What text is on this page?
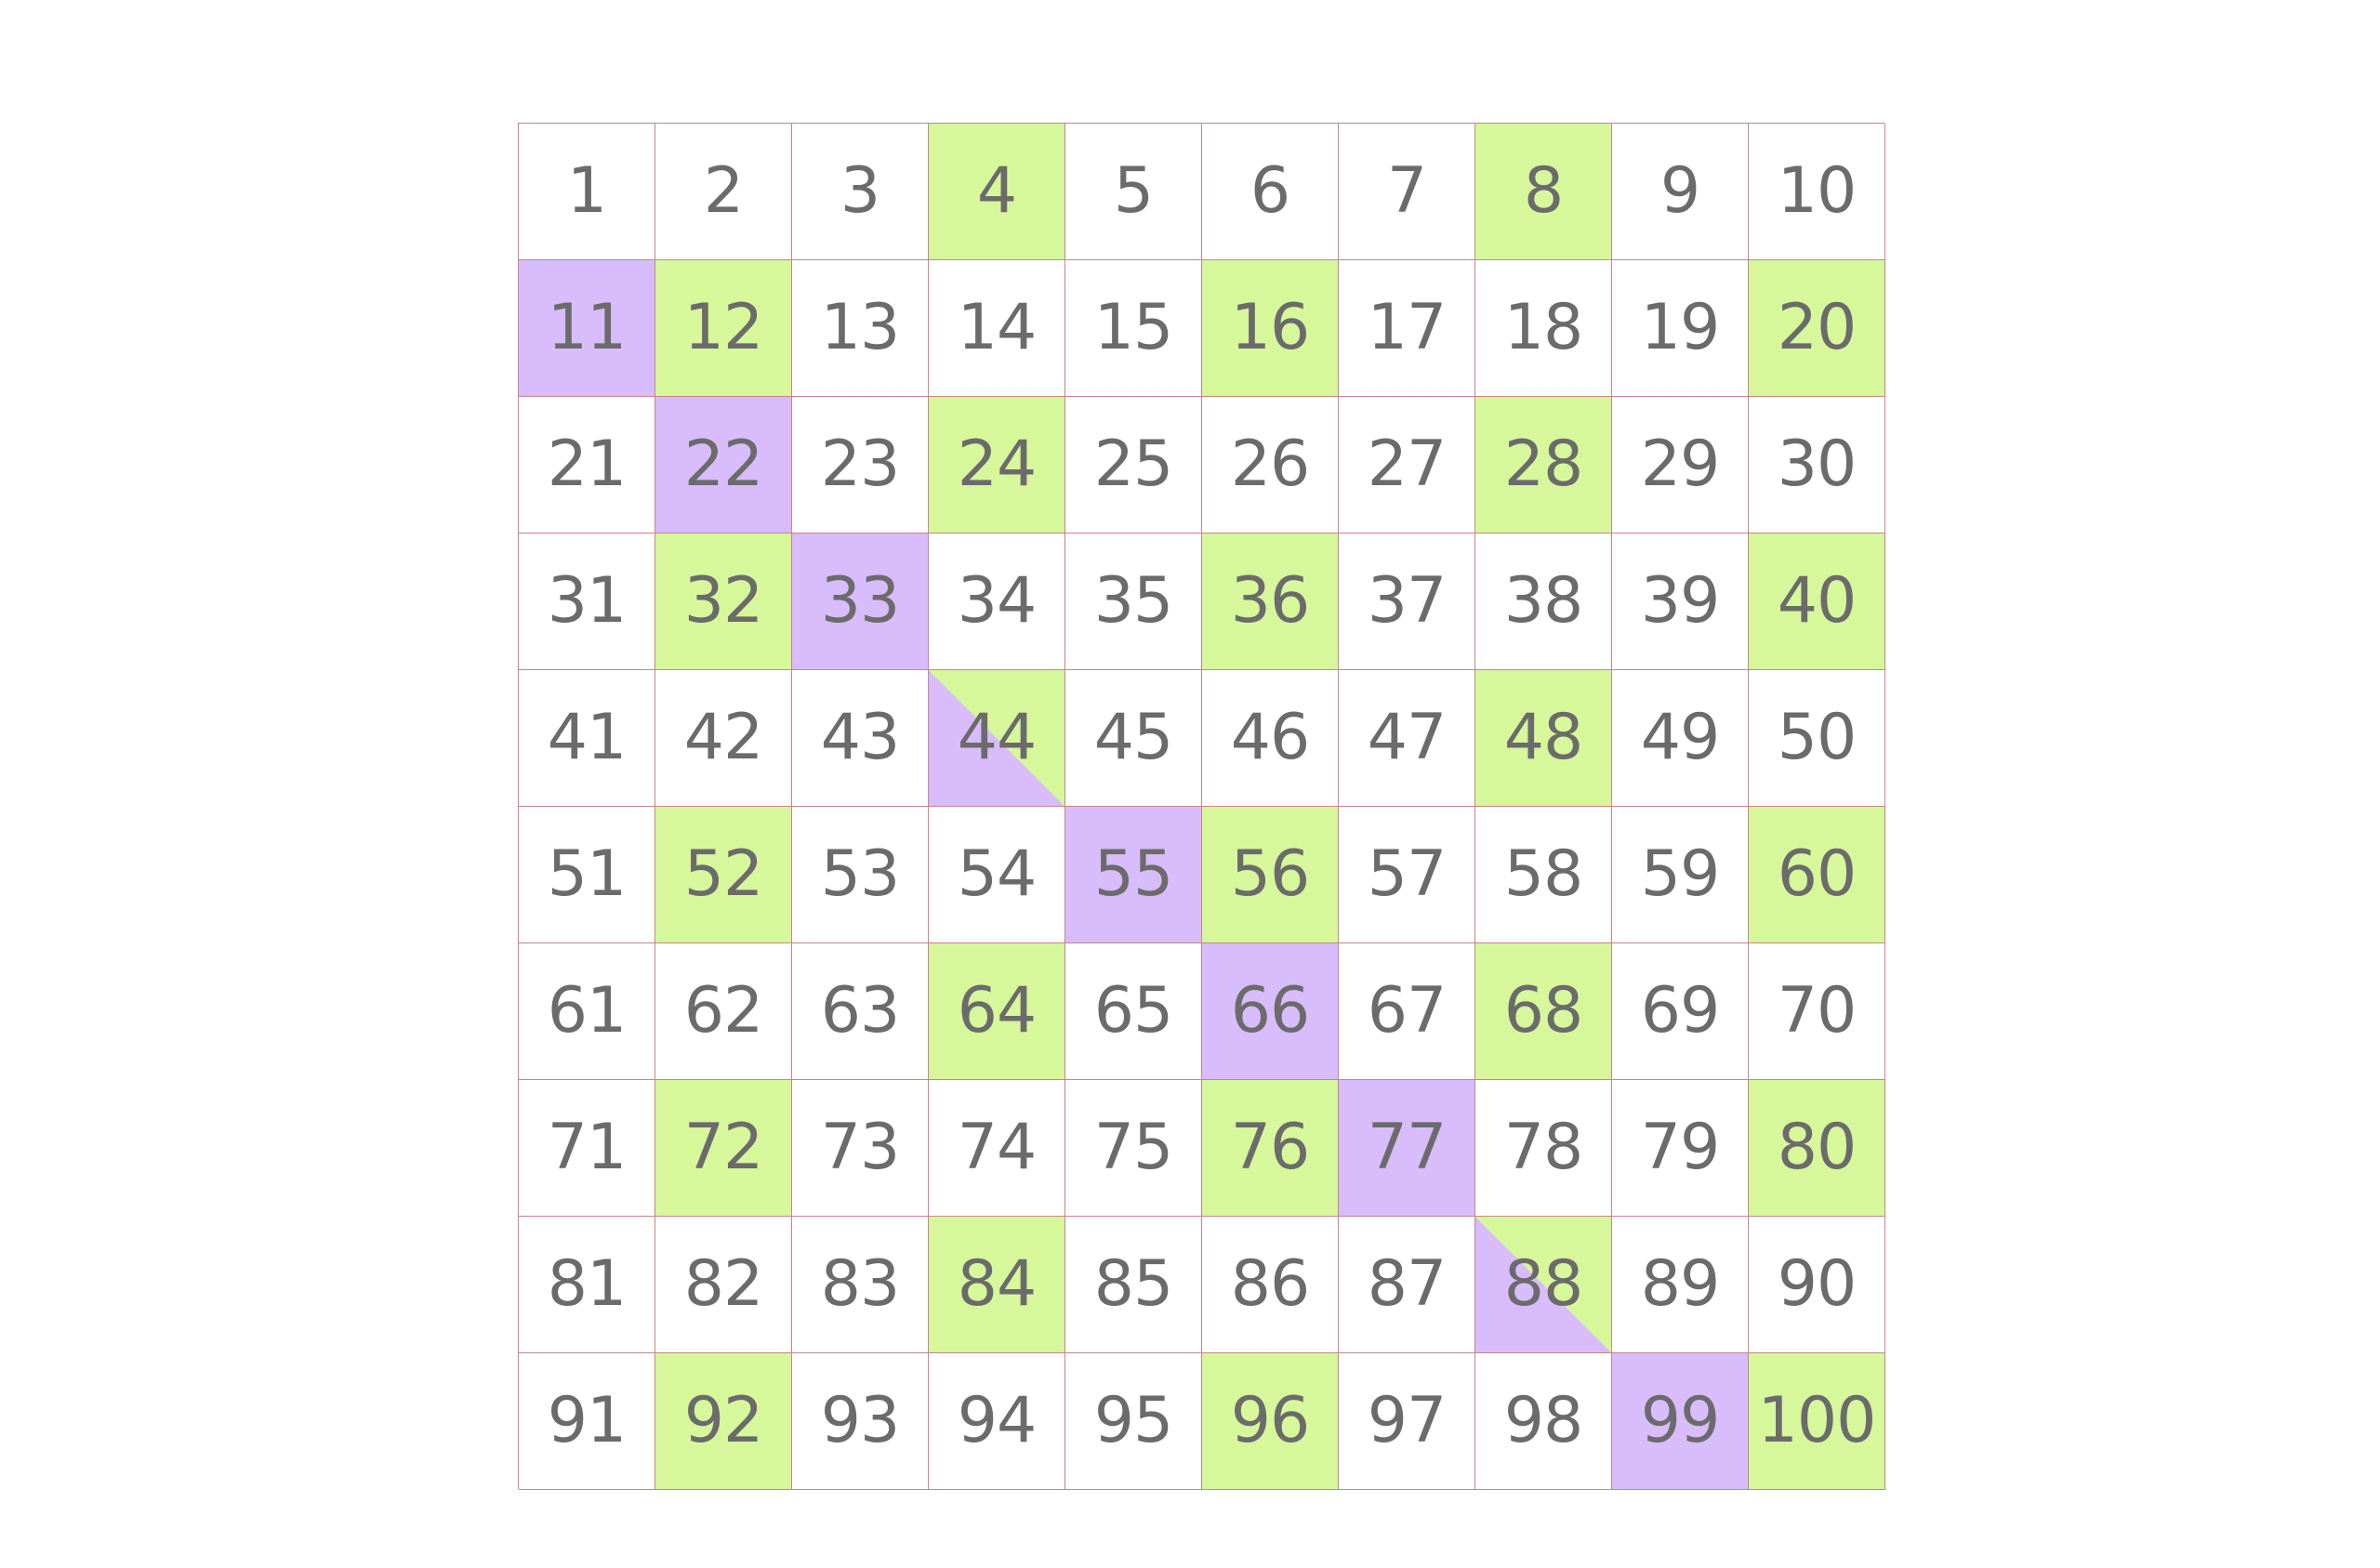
1 2 3 4 5 6 7 8 9 10
11 12 13 14 15 16 17 18 19 20
21 22 23 24 25 26 27 28 29 30
31 32 33 34 35 36 37 38 39 40
41 42 43 44 45 46 47 48 49 50
51 52 53 54 55 56 57 58 59 60
61 62 63 64 65 66 67 68 69 70
71 72 73 74 75 76 77 78 79 80
81 82 83 84 85 86 87 88 89 90
91 92 93 94 95 96 97 98 99 100
